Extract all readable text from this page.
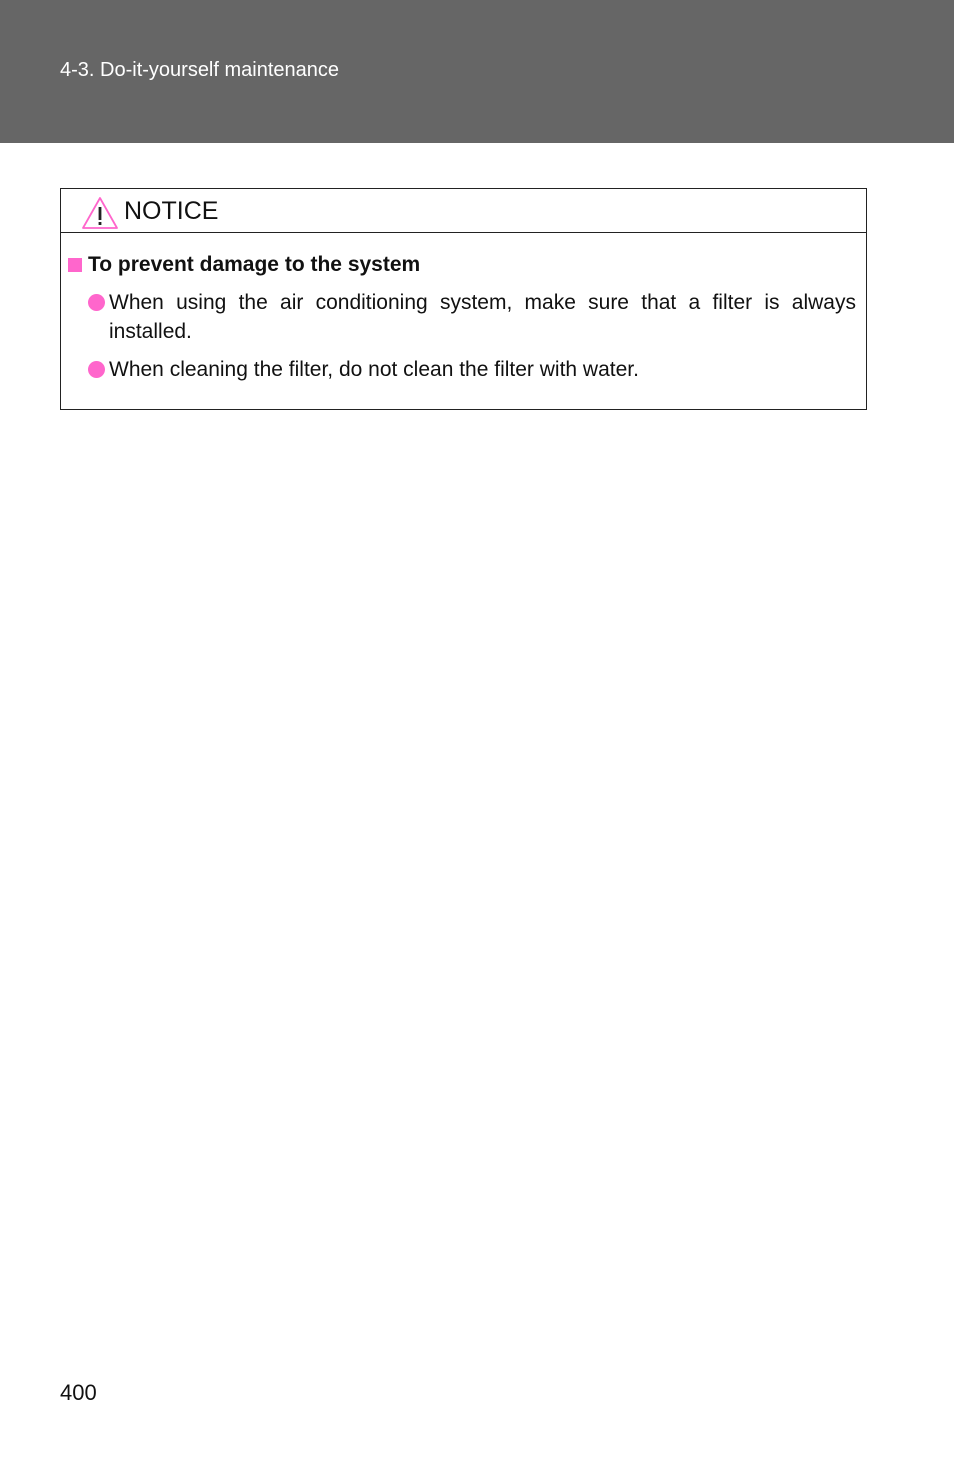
4-3. Do-it-yourself maintenance
NOTICE
To prevent damage to the system
When using the air conditioning system, make sure that a filter is always installed.
When cleaning the filter, do not clean the filter with water.
400
